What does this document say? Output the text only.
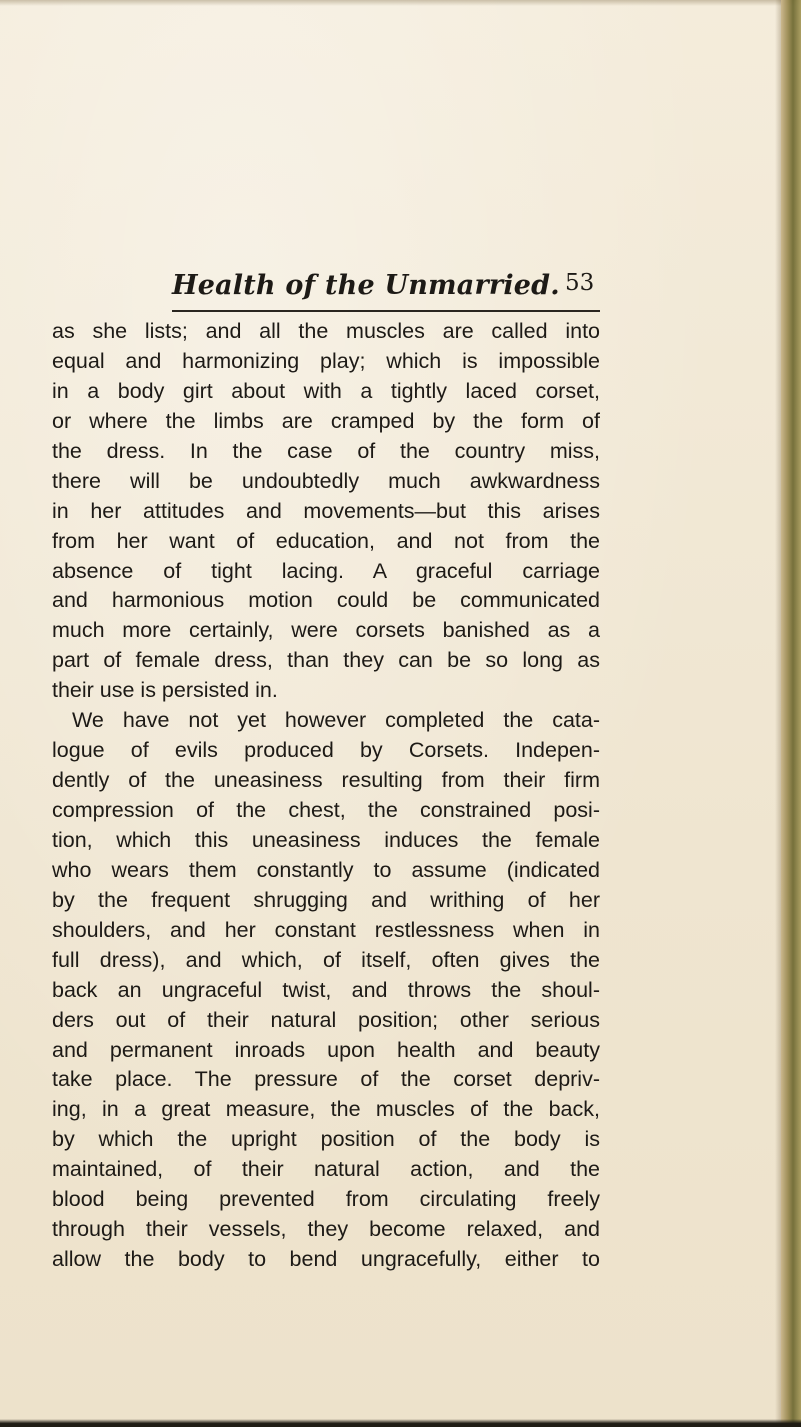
Health of the Unmarried. 53
as she lists; and all the muscles are called into
equal and harmonizing play; which is impossible
in a body girt about with a tightly laced corset,
or where the limbs are cramped by the form of
the dress. In the case of the country miss,
there will be undoubtedly much awkwardness
in her attitudes and movements—but this arises
from her want of education, and not from the
absence of tight lacing. A graceful carriage
and harmonious motion could be communicated
much more certainly, were corsets banished as a
part of female dress, than they can be so long as
their use is persisted in.
We have not yet however completed the cata-
logue of evils produced by Corsets. Indepen-
dently of the uneasiness resulting from their firm
compression of the chest, the constrained posi-
tion, which this uneasiness induces the female
who wears them constantly to assume (indicated
by the frequent shrugging and writhing of her
shoulders, and her constant restlessness when in
full dress), and which, of itself, often gives the
back an ungraceful twist, and throws the shoul-
ders out of their natural position; other serious
and permanent inroads upon health and beauty
take place. The pressure of the corset depriv-
ing, in a great measure, the muscles of the back,
by which the upright position of the body is
maintained, of their natural action, and the
blood being prevented from circulating freely
through their vessels, they become relaxed, and
allow the body to bend ungracefully, either to
